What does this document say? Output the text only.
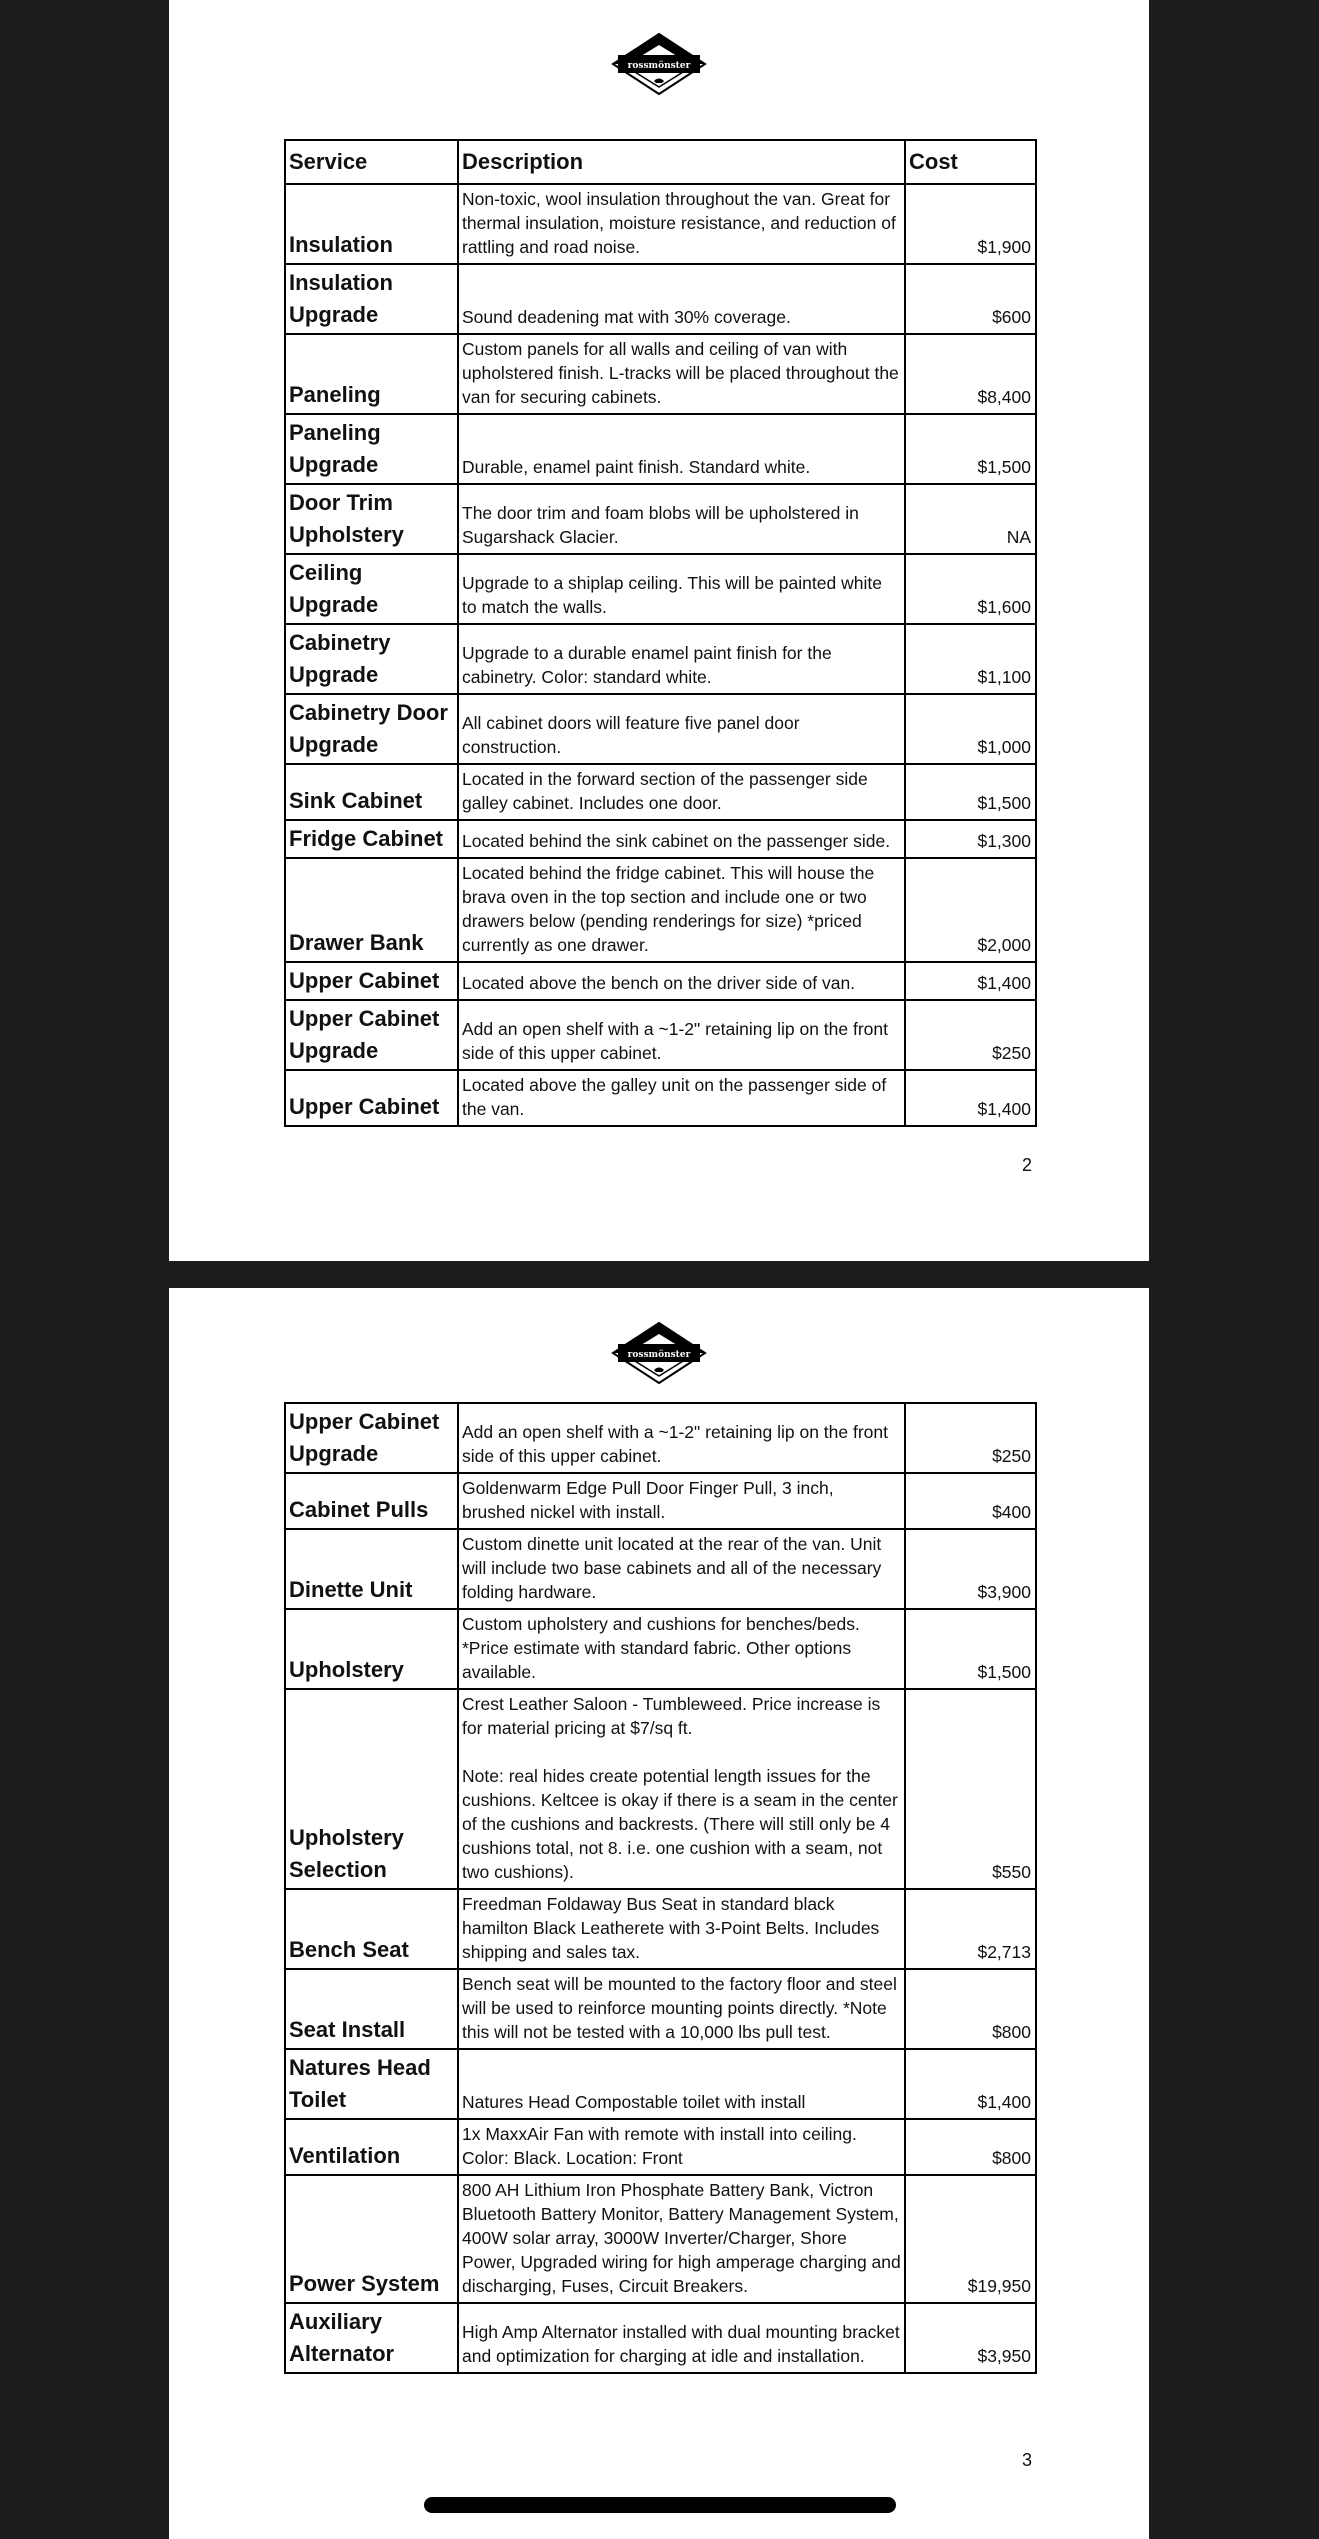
rossmönster
Service	Description	Cost
Insulation	Non-toxic, wool insulation throughout the van. Great for thermal insulation, moisture resistance, and reduction of rattling and road noise.	$1,900
Insulation Upgrade	Sound deadening mat with 30% coverage.	$600
Paneling	Custom panels for all walls and ceiling of van with upholstered finish. L-tracks will be placed throughout the van for securing cabinets.	$8,400
Paneling Upgrade	Durable, enamel paint finish. Standard white.	$1,500
Door Trim Upholstery	The door trim and foam blobs will be upholstered in Sugarshack Glacier.	NA
Ceiling Upgrade	Upgrade to a shiplap ceiling. This will be painted white to match the walls.	$1,600
Cabinetry Upgrade	Upgrade to a durable enamel paint finish for the cabinetry. Color: standard white.	$1,100
Cabinetry Door Upgrade	All cabinet doors will feature five panel door construction.	$1,000
Sink Cabinet	Located in the forward section of the passenger side galley cabinet. Includes one door.	$1,500
Fridge Cabinet	Located behind the sink cabinet on the passenger side.	$1,300
Drawer Bank	Located behind the fridge cabinet. This will house the brava oven in the top section and include one or two drawers below (pending renderings for size) *priced currently as one drawer.	$2,000
Upper Cabinet	Located above the bench on the driver side of van.	$1,400
Upper Cabinet Upgrade	Add an open shelf with a ~1-2" retaining lip on the front side of this upper cabinet.	$250
Upper Cabinet	Located above the galley unit on the passenger side of the van.	$1,400
2
rossmönster
Upper Cabinet Upgrade	Add an open shelf with a ~1-2" retaining lip on the front side of this upper cabinet.	$250
Cabinet Pulls	Goldenwarm Edge Pull Door Finger Pull, 3 inch, brushed nickel with install.	$400
Dinette Unit	Custom dinette unit located at the rear of the van. Unit will include two base cabinets and all of the necessary folding hardware.	$3,900
Upholstery	Custom upholstery and cushions for benches/beds. *Price estimate with standard fabric. Other options available.	$1,500
Upholstery Selection	Crest Leather Saloon - Tumbleweed. Price increase is for material pricing at $7/sq ft.

Note: real hides create potential length issues for the cushions. Keltcee is okay if there is a seam in the center of the cushions and backrests. (There will still only be 4 cushions total, not 8. i.e. one cushion with a seam, not two cushions).	$550
Bench Seat	Freedman Foldaway Bus Seat in standard black hamilton Black Leatherete with 3-Point Belts. Includes shipping and sales tax.	$2,713
Seat Install	Bench seat will be mounted to the factory floor and steel will be used to reinforce mounting points directly. *Note this will not be tested with a 10,000 lbs pull test.	$800
Natures Head Toilet	Natures Head Compostable toilet with install	$1,400
Ventilation	1x MaxxAir Fan with remote with install into ceiling. Color: Black. Location: Front	$800
Power System	800 AH Lithium Iron Phosphate Battery Bank, Victron Bluetooth Battery Monitor, Battery Management System, 400W solar array, 3000W Inverter/Charger, Shore Power, Upgraded wiring for high amperage charging and discharging, Fuses, Circuit Breakers.	$19,950
Auxiliary Alternator	High Amp Alternator installed with dual mounting bracket and optimization for charging at idle and installation.	$3,950
3
